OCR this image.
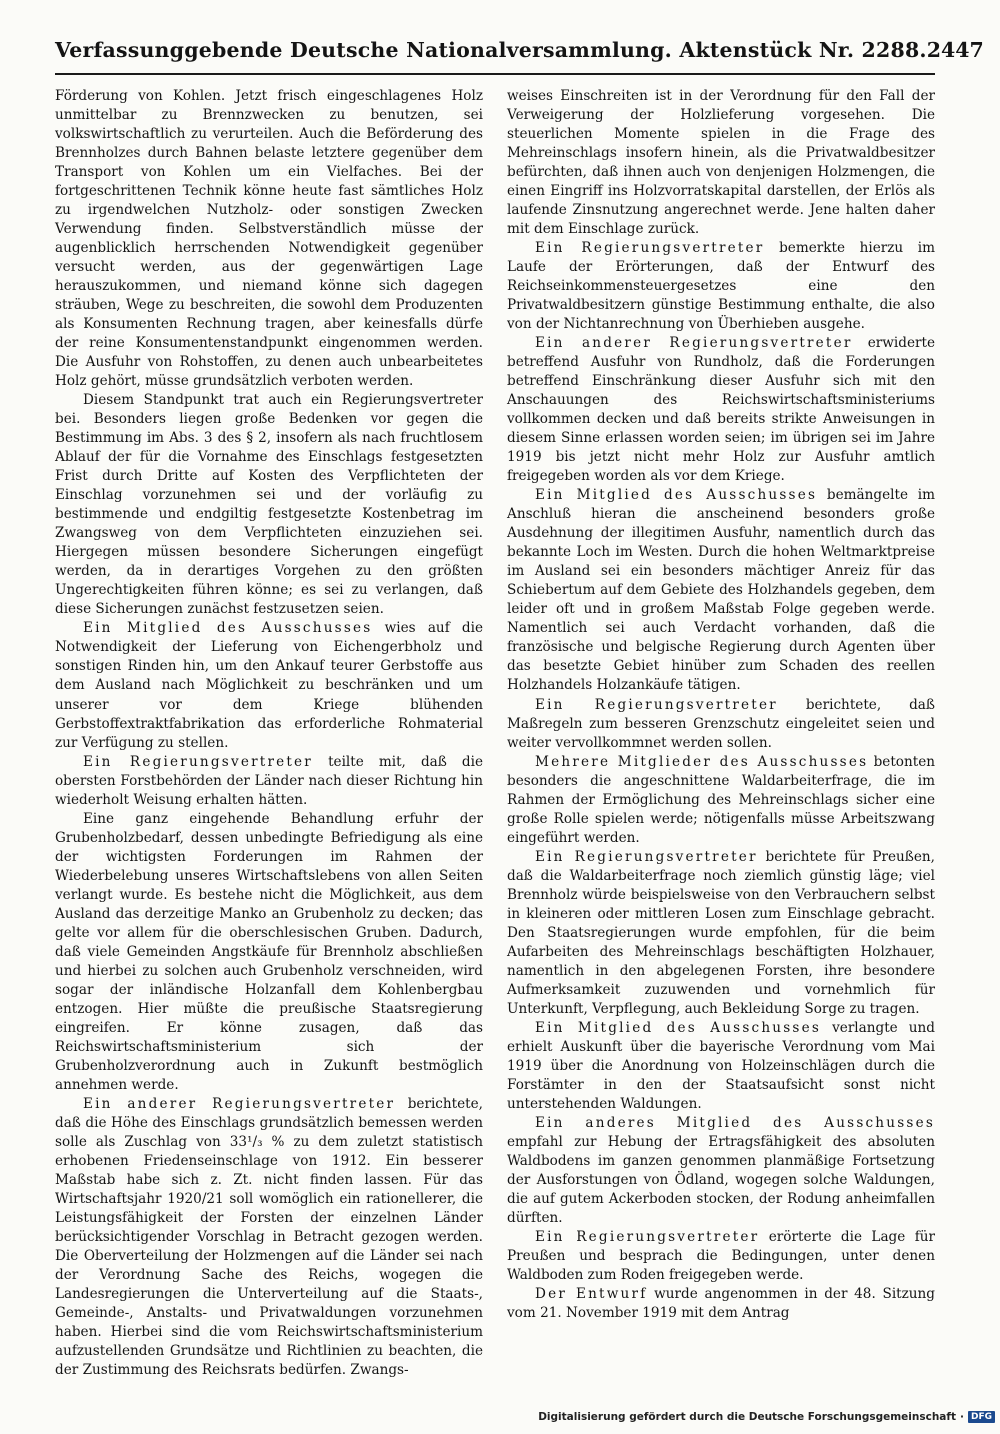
Verfassunggebende Deutsche Nationalversammlung. Aktenstück Nr. 2288. 2447

Förderung von Kohlen. Jetzt frisch eingeschlagenes Holz unmittelbar zu Brennzwecken zu benutzen, sei volkswirtschaftlich zu verurteilen. Auch die Beförderung des Brennholzes durch Bahnen belaste letztere gegenüber dem Transport von Kohlen um ein Vielfaches. Bei der fortgeschrittenen Technik könne heute fast sämtliches Holz zu irgendwelchen Nutzholz- oder sonstigen Zwecken Verwendung finden. Selbstverständlich müsse der augenblicklich herrschenden Notwendigkeit gegenüber versucht werden, aus der gegenwärtigen Lage herauszukommen, und niemand könne sich dagegen sträuben, Wege zu beschreiten, die sowohl dem Produzenten als Konsumenten Rechnung tragen, aber keinesfalls dürfe der reine Konsumentenstandpunkt eingenommen werden. Die Ausfuhr von Rohstoffen, zu denen auch unbearbeitetes Holz gehört, müsse grundsätzlich verboten werden.

Diesem Standpunkt trat auch ein Regierungsvertreter bei. Besonders liegen große Bedenken vor gegen die Bestimmung im Abs. 3 des § 2, insofern als nach fruchtlosem Ablauf der für die Vornahme des Einschlags festgesetzten Frist durch Dritte auf Kosten des Verpflichteten der Einschlag vorzunehmen sei und der vorläufig zu bestimmende und endgiltig festgesetzte Kostenbetrag im Zwangsweg von dem Verpflichteten einzuziehen sei. Hiergegen müssen besondere Sicherungen eingefügt werden, da in derartiges Vorgehen zu den größten Ungerechtigkeiten führen könne; es sei zu verlangen, daß diese Sicherungen zunächst festzusetzen seien.

Ein Mitglied des Ausschusses wies auf die Notwendigkeit der Lieferung von Eichengerbholz und sonstigen Rinden hin, um den Ankauf teurer Gerbstoffe aus dem Ausland nach Möglichkeit zu beschränken und um unserer vor dem Kriege blühenden Gerbstoffextraktfabrikation das erforderliche Rohmaterial zur Verfügung zu stellen.

Ein Regierungsvertreter teilte mit, daß die obersten Forstbehörden der Länder nach dieser Richtung hin wiederholt Weisung erhalten hätten.

Eine ganz eingehende Behandlung erfuhr der Grubenholzbedarf, dessen unbedingte Befriedigung als eine der wichtigsten Forderungen im Rahmen der Wiederbelebung unseres Wirtschaftslebens von allen Seiten verlangt wurde. Es bestehe nicht die Möglichkeit, aus dem Ausland das derzeitige Manko an Grubenholz zu decken; das gelte vor allem für die oberschlesischen Gruben. Dadurch, daß viele Gemeinden Angstkäufe für Brennholz abschließen und hierbei zu solchen auch Grubenholz verschneiden, wird sogar der inländische Holzanfall dem Kohlenbergbau entzogen. Hier müßte die preußische Staatsregierung eingreifen. Er könne zusagen, daß das Reichswirtschaftsministerium sich der Grubenholzverordnung auch in Zukunft bestmöglich annehmen werde.

Ein anderer Regierungsvertreter berichtete, daß die Höhe des Einschlags grundsätzlich bemessen werden solle als Zuschlag von 33¹/₃ % zu dem zuletzt statistisch erhobenen Friedenseinschlage von 1912. Ein besserer Maßstab habe sich z. Zt. nicht finden lassen. Für das Wirtschaftsjahr 1920/21 soll womöglich ein rationellerer, die Leistungsfähigkeit der Forsten der einzelnen Länder berücksichtigender Vorschlag in Betracht gezogen werden. Die Oberverteilung der Holzmengen auf die Länder sei nach der Verordnung Sache des Reichs, wogegen die Landesregierungen die Unterverteilung auf die Staats-, Gemeinde-, Anstalts- und Privatwaldungen vorzunehmen haben. Hierbei sind die vom Reichswirtschaftsministerium aufzustellenden Grundsätze und Richtlinien zu beachten, die der Zustimmung des Reichsrats bedürfen. Zwangs-

weises Einschreiten ist in der Verordnung für den Fall der Verweigerung der Holzlieferung vorgesehen. Die steuerlichen Momente spielen in die Frage des Mehreinschlags insofern hinein, als die Privatwaldbesitzer befürchten, daß ihnen auch von denjenigen Holzmengen, die einen Eingriff ins Holzvorratskapital darstellen, der Erlös als laufende Zinsnutzung angerechnet werde. Jene halten daher mit dem Einschlage zurück.

Ein Regierungsvertreter bemerkte hierzu im Laufe der Erörterungen, daß der Entwurf des Reichseinkommensteuergesetzes eine den Privatwaldbesitzern günstige Bestimmung enthalte, die also von der Nichtanrechnung von Überhieben ausgehe.

Ein anderer Regierungsvertreter erwiderte betreffend Ausfuhr von Rundholz, daß die Forderungen betreffend Einschränkung dieser Ausfuhr sich mit den Anschauungen des Reichswirtschaftsministeriums vollkommen decken und daß bereits strikte Anweisungen in diesem Sinne erlassen worden seien; im übrigen sei im Jahre 1919 bis jetzt nicht mehr Holz zur Ausfuhr amtlich freigegeben worden als vor dem Kriege.

Ein Mitglied des Ausschusses bemängelte im Anschluß hieran die anscheinend besonders große Ausdehnung der illegitimen Ausfuhr, namentlich durch das bekannte Loch im Westen. Durch die hohen Weltmarktpreise im Ausland sei ein besonders mächtiger Anreiz für das Schiebertum auf dem Gebiete des Holzhandels gegeben, dem leider oft und in großem Maßstab Folge gegeben werde. Namentlich sei auch Verdacht vorhanden, daß die französische und belgische Regierung durch Agenten über das besetzte Gebiet hinüber zum Schaden des reellen Holzhandels Holzankäufe tätigen.

Ein Regierungsvertreter berichtete, daß Maßregeln zum besseren Grenzschutz eingeleitet seien und weiter vervollkommnet werden sollen.

Mehrere Mitglieder des Ausschusses betonten besonders die angeschnittene Waldarbeiterfrage, die im Rahmen der Ermöglichung des Mehreinschlags sicher eine große Rolle spielen werde; nötigenfalls müsse Arbeitszwang eingeführt werden.

Ein Regierungsvertreter berichtete für Preußen, daß die Waldarbeiterfrage noch ziemlich günstig läge; viel Brennholz würde beispielsweise von den Verbrauchern selbst in kleineren oder mittleren Losen zum Einschlage gebracht. Den Staatsregierungen wurde empfohlen, für die beim Aufarbeiten des Mehreinschlags beschäftigten Holzhauer, namentlich in den abgelegenen Forsten, ihre besondere Aufmerksamkeit zuzuwenden und vornehmlich für Unterkunft, Verpflegung, auch Bekleidung Sorge zu tragen.

Ein Mitglied des Ausschusses verlangte und erhielt Auskunft über die bayerische Verordnung vom Mai 1919 über die Anordnung von Holzeinschlägen durch die Forstämter in den der Staatsaufsicht sonst nicht unterstehenden Waldungen.

Ein anderes Mitglied des Ausschusses empfahl zur Hebung der Ertragsfähigkeit des absoluten Waldbodens im ganzen genommen planmäßige Fortsetzung der Ausforstungen von Ödland, wogegen solche Waldungen, die auf gutem Ackerboden stocken, der Rodung anheimfallen dürften.

Ein Regierungsvertreter erörterte die Lage für Preußen und besprach die Bedingungen, unter denen Waldboden zum Roden freigegeben werde.

Der Entwurf wurde angenommen in der 48. Sitzung vom 21. November 1919 mit dem Antrag

Digitalisierung gefördert durch die Deutsche Forschungsgemeinschaft · DFG
